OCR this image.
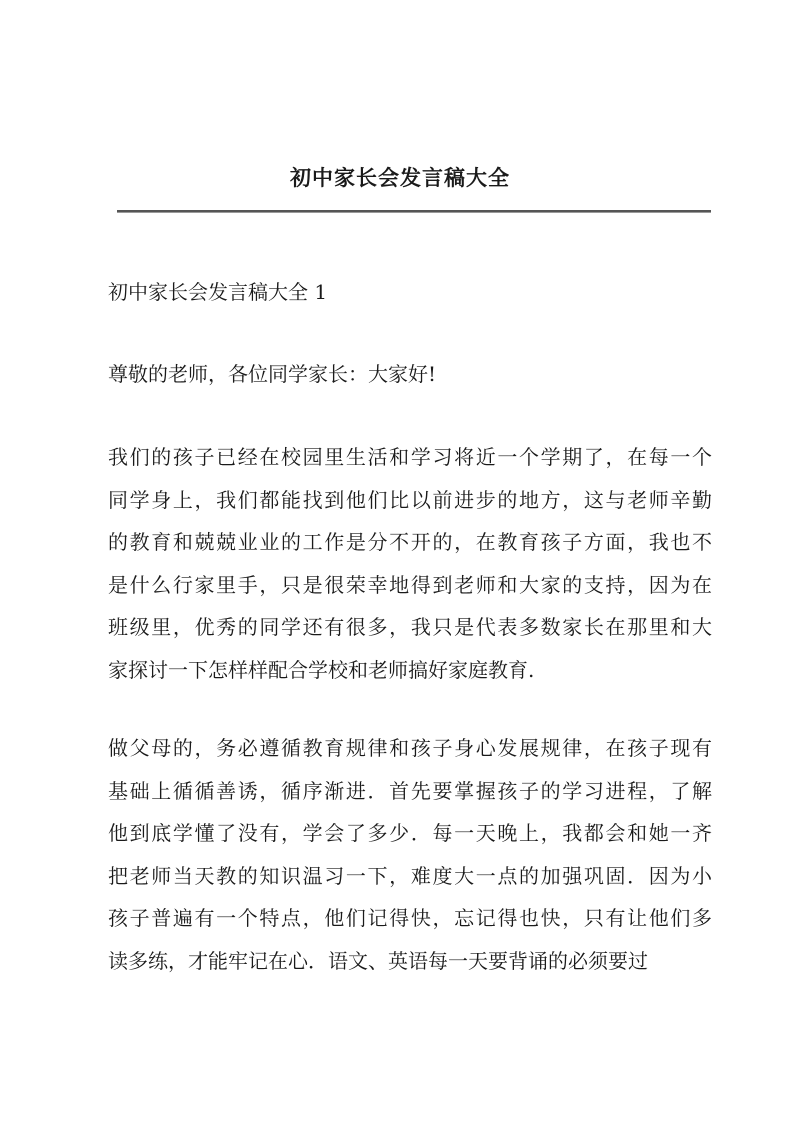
初中家长会发言稿大全
初中家长会发言稿大全 1

尊敬的老师，各位同学家长：大家好!

我们的孩子已经在校园里生活和学习将近一个学期了，在每一个
同学身上，我们都能找到他们比以前进步的地方，这与老师辛勤
的教育和兢兢业业的工作是分不开的，在教育孩子方面，我也不
是什么行家里手，只是很荣幸地得到老师和大家的支持，因为在
班级里，优秀的同学还有很多，我只是代表多数家长在那里和大
家探讨一下怎样样配合学校和老师搞好家庭教育.

做父母的，务必遵循教育规律和孩子身心发展规律，在孩子现有
基础上循循善诱，循序渐进．首先要掌握孩子的学习进程，了解
他到底学懂了没有，学会了多少．每一天晚上，我都会和她一齐
把老师当天教的知识温习一下，难度大一点的加强巩固．因为小
孩子普遍有一个特点，他们记得快，忘记得也快，只有让他们多
读多练，才能牢记在心．语文、英语每一天要背诵的必须要过
